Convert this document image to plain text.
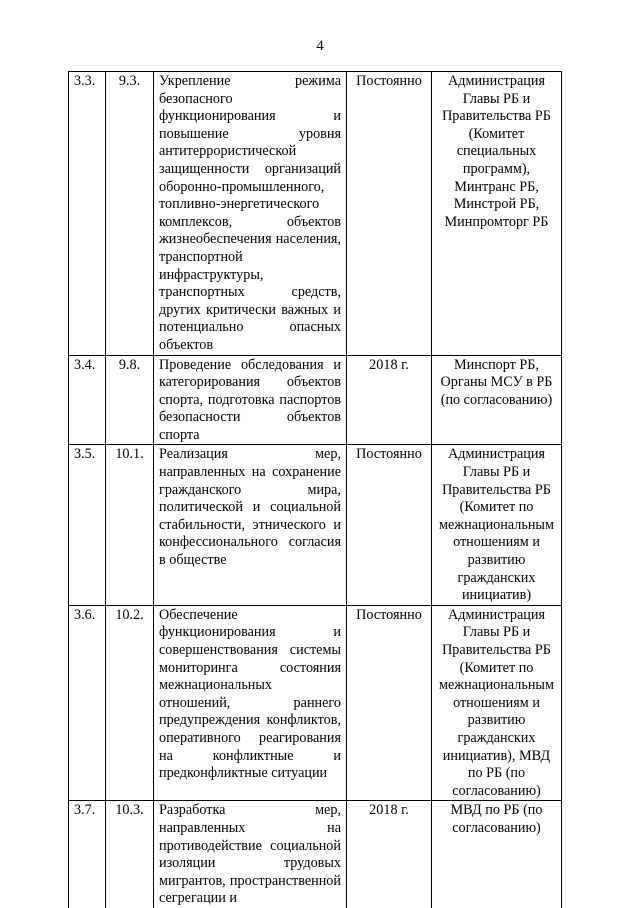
4
3.3.	9.3.	Укрепление режима безопасного функционирования и повышение уровня антитеррористической защищенности организаций оборонно-промышленного, топливно-энергетического комплексов, объектов жизнеобеспечения населения, транспортной инфраструктуры, транспортных средств, других критически важных и потенциально опасных объектов	Постоянно	Администрация Главы РБ и Правительства РБ (Комитет специальных программ), Минтранс РБ, Минстрой РБ, Минпромторг РБ
3.4.	9.8.	Проведение обследования и категорирования объектов спорта, подготовка паспортов безопасности объектов спорта	2018 г.	Минспорт РБ, Органы МСУ в РБ (по согласованию)
3.5.	10.1.	Реализация мер, направленных на сохранение гражданского мира, политической и социальной стабильности, этнического и конфессионального согласия в обществе	Постоянно	Администрация Главы РБ и Правительства РБ (Комитет по межнациональным отношениям и развитию гражданских инициатив)
3.6.	10.2.	Обеспечение функционирования и совершенствования системы мониторинга состояния межнациональных отношений, раннего предупреждения конфликтов, оперативного реагирования на конфликтные и предконфликтные ситуации	Постоянно	Администрация Главы РБ и Правительства РБ (Комитет по межнациональным отношениям и развитию гражданских инициатив), МВД по РБ (по согласованию)
3.7.	10.3.	Разработка мер, направленных на противодействие социальной изоляции трудовых мигрантов, пространственной сегрегации и	2018 г.	МВД по РБ (по согласованию)
